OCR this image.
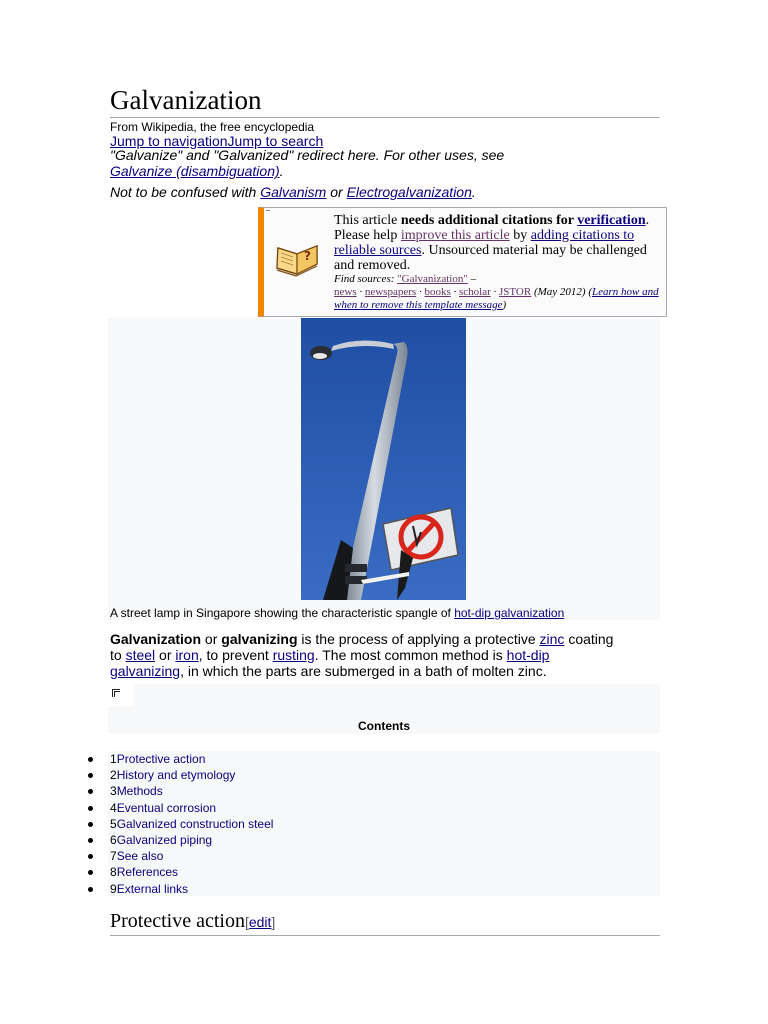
Galvanization
From Wikipedia, the free encyclopedia
Jump to navigationJump to search
"Galvanize" and "Galvanized" redirect here. For other uses, see Galvanize (disambiguation).
Not to be confused with Galvanism or Electrogalvanization.
?
This article needs additional citations for verification. Please help improve this article by adding citations to reliable sources. Unsourced material may be challenged and removed.
Find sources: "Galvanization" –
news · newspapers · books · scholar · JSTOR (May 2012) (Learn how and when to remove this template message)
A street lamp in Singapore showing the characteristic spangle of hot-dip galvanization

Galvanization or galvanizing is the process of applying a protective zinc coating to steel or iron, to prevent rusting. The most common method is hot-dip galvanizing, in which the parts are submerged in a bath of molten zinc.

Contents
1Protective action
2History and etymology
3Methods
4Eventual corrosion
5Galvanized construction steel
6Galvanized piping
7See also
8References
9External links
Protective action[edit]
